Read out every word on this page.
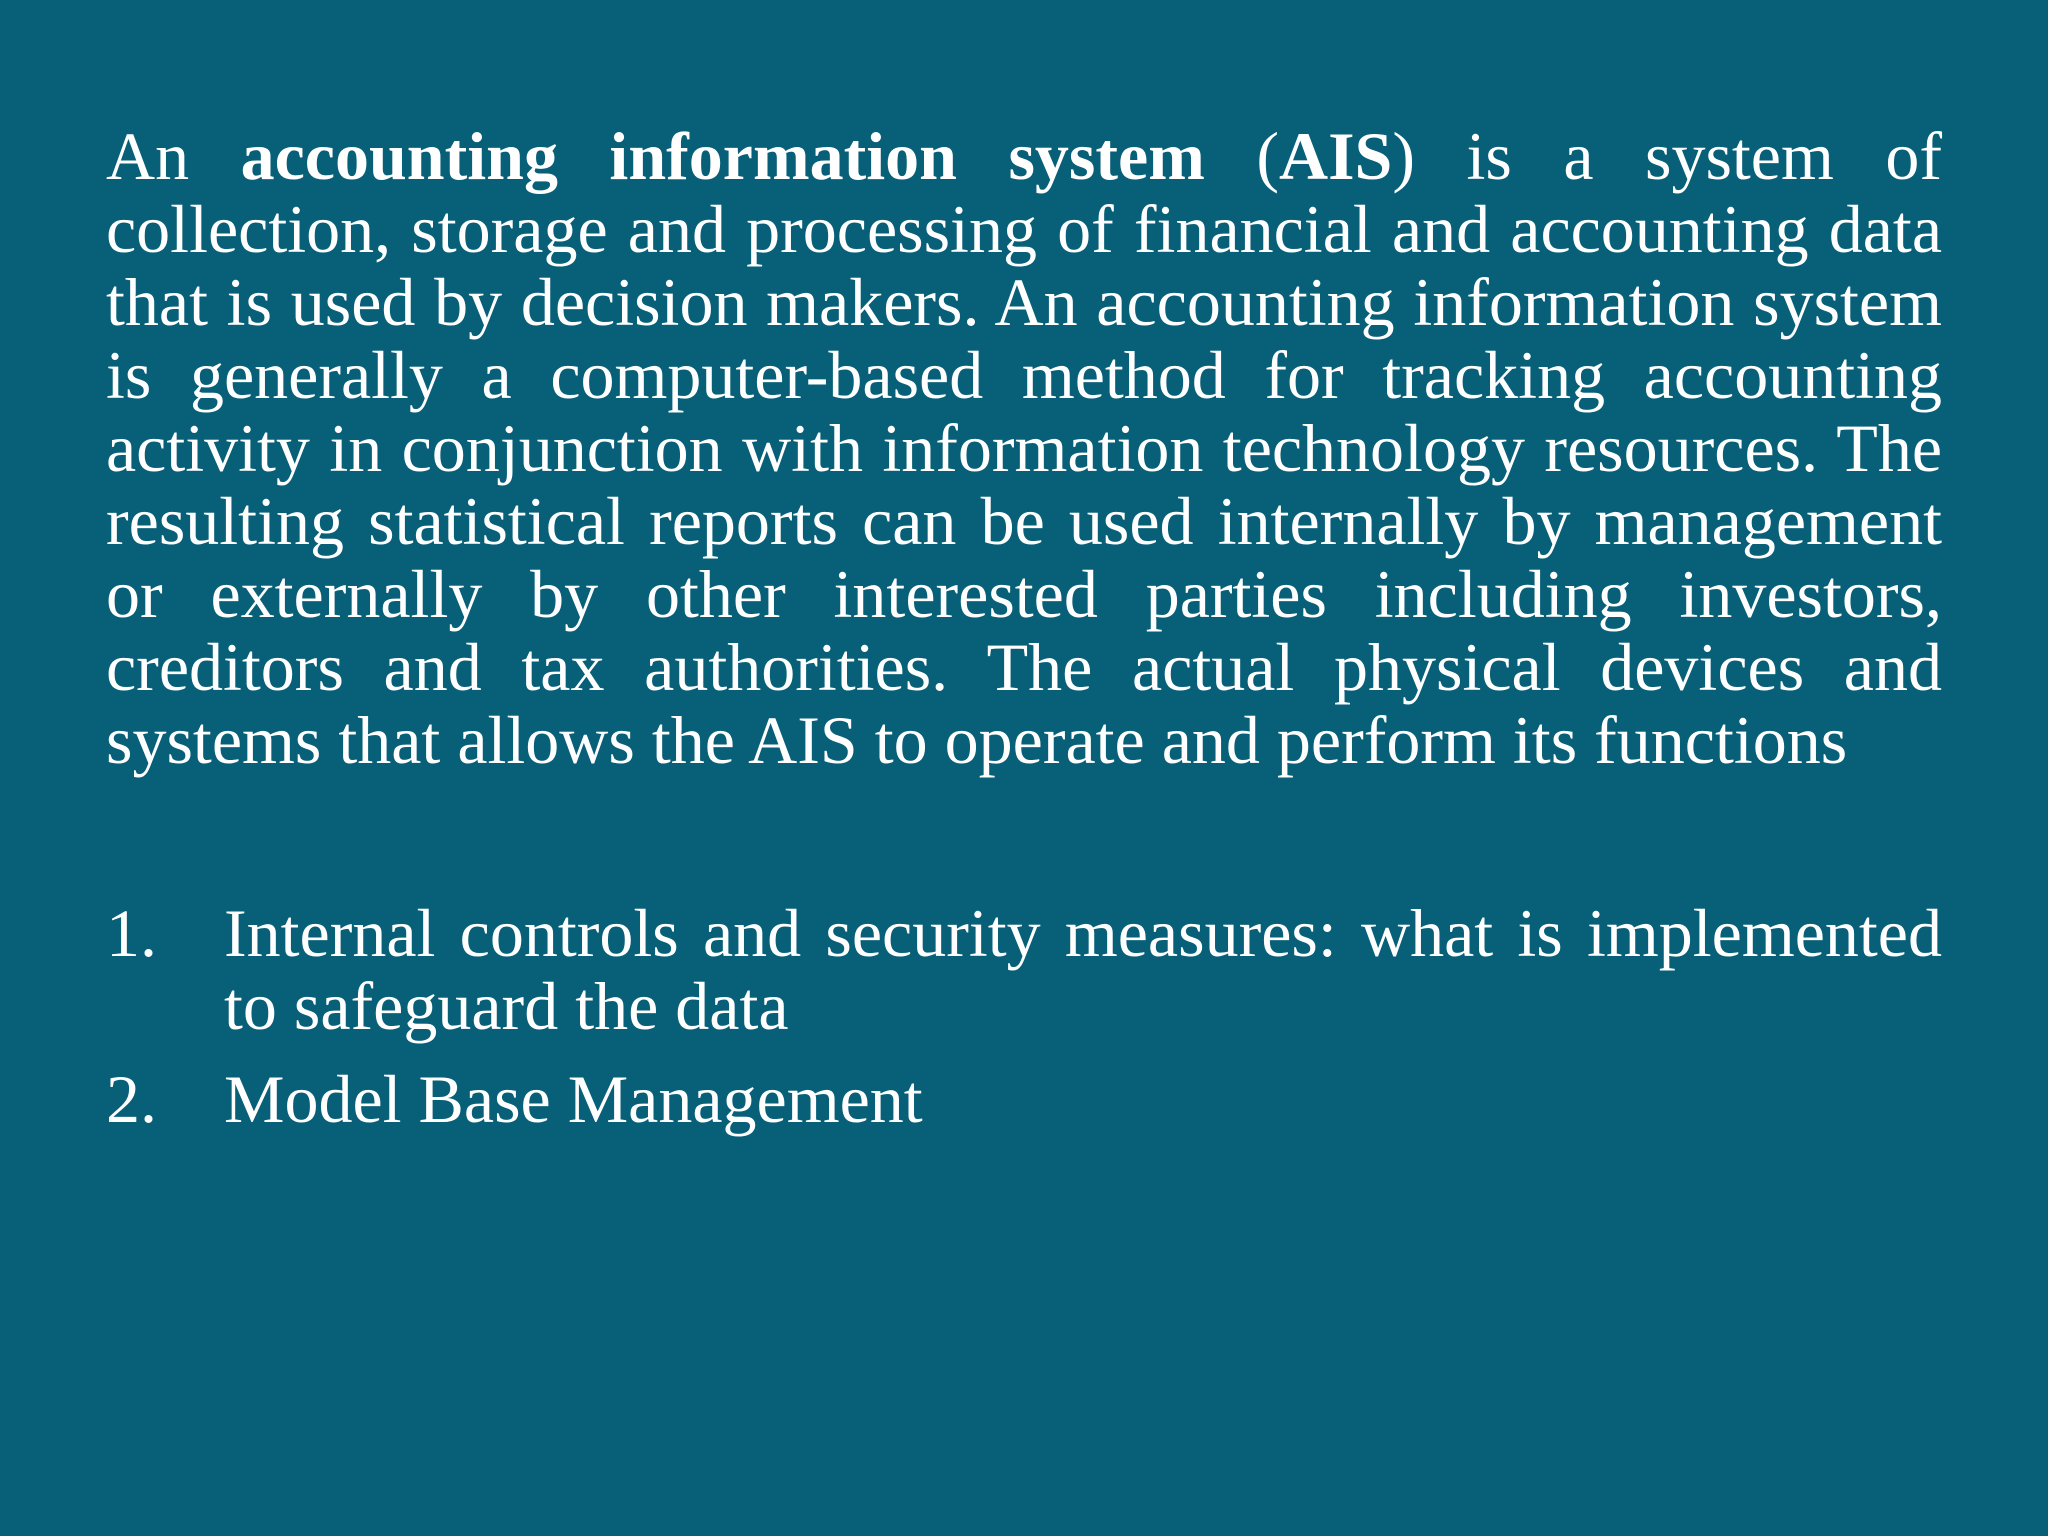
An accounting information system (AIS) is a system of collection, storage and processing of financial and accounting data that is used by decision makers. An accounting information system is generally a computer-based method for tracking accounting activity in conjunction with information technology resources. The resulting statistical reports can be used internally by management or externally by other interested parties including investors, creditors and tax authorities. The actual physical devices and systems that allows the AIS to operate and perform its functions

1. Internal controls and security measures: what is implemented to safeguard the data
2. Model Base Management
